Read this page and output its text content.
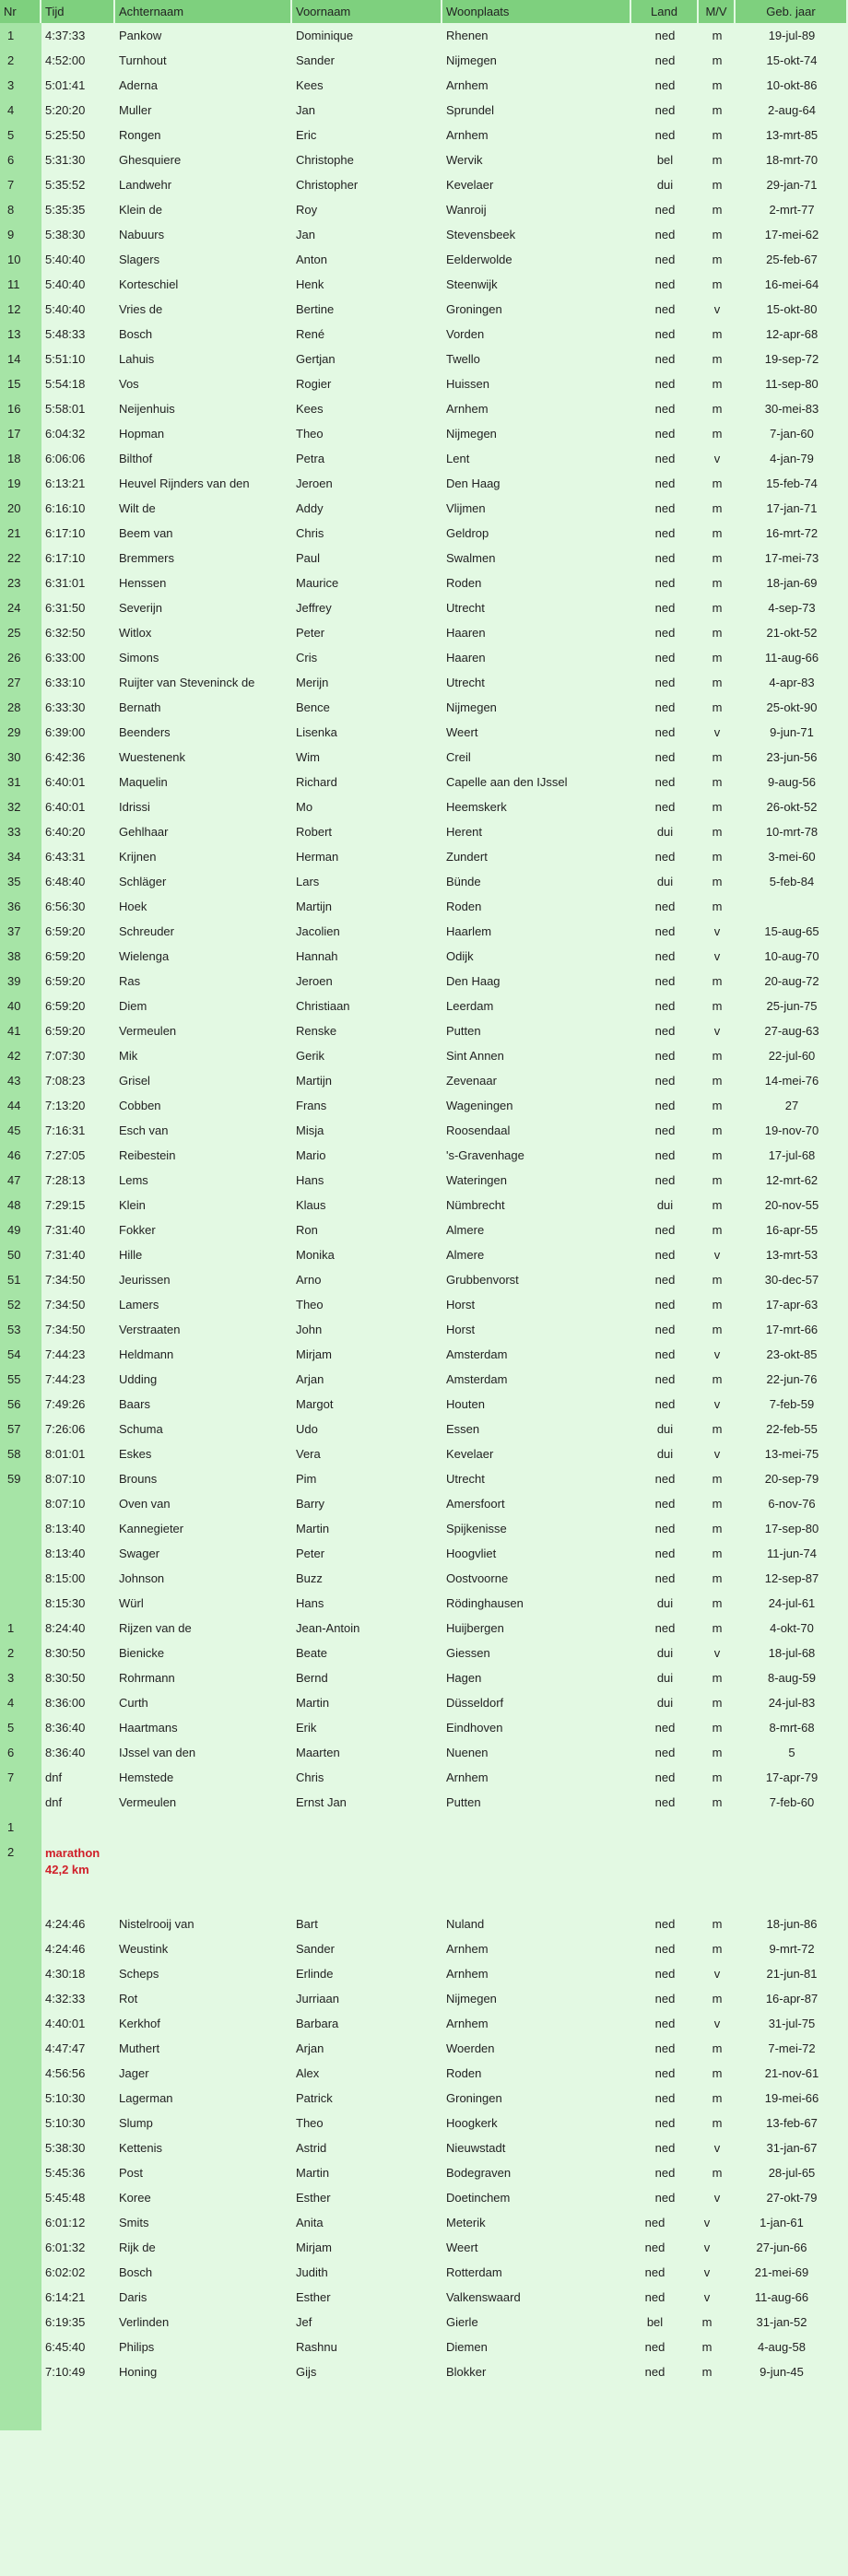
Nr	Tijd	Achternaam	Voornaam	Woonplaats	Land	M/V	Geb. jaar
1	4:37:33	Pankow	Dominique	Rhenen	ned	m	19-jul-89
2	4:52:00	Turnhout	Sander	Nijmegen	ned	m	15-okt-74
3	5:01:41	Aderna	Kees	Arnhem	ned	m	10-okt-86
4	5:20:20	Muller	Jan	Sprundel	ned	m	2-aug-64
5	5:25:50	Rongen	Eric	Arnhem	ned	m	13-mrt-85
6	5:31:30	Ghesquiere	Christophe	Wervik	bel	m	18-mrt-70
7	5:35:52	Landwehr	Christopher	Kevelaer	dui	m	29-jan-71
8	5:35:35	Klein de	Roy	Wanroij	ned	m	2-mrt-77
9	5:38:30	Nabuurs	Jan	Stevensbeek	ned	m	17-mei-62
10	5:40:40	Slagers	Anton	Eelderwolde	ned	m	25-feb-67
11	5:40:40	Korteschiel	Henk	Steenwijk	ned	m	16-mei-64
12	5:40:40	Vries de	Bertine	Groningen	ned	v	15-okt-80
13	5:48:33	Bosch	René	Vorden	ned	m	12-apr-68
14	5:51:10	Lahuis	Gertjan	Twello	ned	m	19-sep-72
15	5:54:18	Vos	Rogier	Huissen	ned	m	11-sep-80
16	5:58:01	Neijenhuis	Kees	Arnhem	ned	m	30-mei-83
17	6:04:32	Hopman	Theo	Nijmegen	ned	m	7-jan-60
18	6:06:06	Bilthof	Petra	Lent	ned	v	4-jan-79
19	6:13:21	Heuvel Rijnders van den	Jeroen	Den Haag	ned	m	15-feb-74
20	6:16:10	Wilt de	Addy	Vlijmen	ned	m	17-jan-71
21	6:17:10	Beem van	Chris	Geldrop	ned	m	16-mrt-72
22	6:17:10	Bremmers	Paul	Swalmen	ned	m	17-mei-73
23	6:31:01	Henssen	Maurice	Roden	ned	m	18-jan-69
24	6:31:50	Severijn	Jeffrey	Utrecht	ned	m	4-sep-73
25	6:32:50	Witlox	Peter	Haaren	ned	m	21-okt-52
26	6:33:00	Simons	Cris	Haaren	ned	m	11-aug-66
27	6:33:10	Ruijter van Steveninck de	Merijn	Utrecht	ned	m	4-apr-83
28	6:33:30	Bernath	Bence	Nijmegen	ned	m	25-okt-90
29	6:39:00	Beenders	Lisenka	Weert	ned	v	9-jun-71
30	6:42:36	Wuestenenk	Wim	Creil	ned	m	23-jun-56
31	6:40:01	Maquelin	Richard	Capelle aan den IJssel	ned	m	9-aug-56
32	6:40:01	Idrissi	Mo	Heemskerk	ned	m	26-okt-52
33	6:40:20	Gehlhaar	Robert	Herent	dui	m	10-mrt-78
34	6:43:31	Krijnen	Herman	Zundert	ned	m	3-mei-60
35	6:48:40	Schläger	Lars	Bünde	dui	m	5-feb-84
36	6:56:30	Hoek	Martijn	Roden	ned	m	
37	6:59:20	Schreuder	Jacolien	Haarlem	ned	v	15-aug-65
38	6:59:20	Wielenga	Hannah	Odijk	ned	v	10-aug-70
39	6:59:20	Ras	Jeroen	Den Haag	ned	m	20-aug-72
40	6:59:20	Diem	Christiaan	Leerdam	ned	m	25-jun-75
41	6:59:20	Vermeulen	Renske	Putten	ned	v	27-aug-63
42	7:07:30	Mik	Gerik	Sint Annen	ned	m	22-jul-60
43	7:08:23	Grisel	Martijn	Zevenaar	ned	m	14-mei-76
44	7:13:20	Cobben	Frans	Wageningen	ned	m	27
45	7:16:31	Esch van	Misja	Roosendaal	ned	m	19-nov-70
46	7:27:05	Reibestein	Mario	's-Gravenhage	ned	m	17-jul-68
47	7:28:13	Lems	Hans	Wateringen	ned	m	12-mrt-62
48	7:29:15	Klein	Klaus	Nümbrecht	dui	m	20-nov-55
49	7:31:40	Fokker	Ron	Almere	ned	m	16-apr-55
50	7:31:40	Hille	Monika	Almere	ned	v	13-mrt-53
51	7:34:50	Jeurissen	Arno	Grubbenvorst	ned	m	30-dec-57
52	7:34:50	Lamers	Theo	Horst	ned	m	17-apr-63
53	7:34:50	Verstraaten	John	Horst	ned	m	17-mrt-66
54	7:44:23	Heldmann	Mirjam	Amsterdam	ned	v	23-okt-85
55	7:44:23	Udding	Arjan	Amsterdam	ned	m	22-jun-76
56	7:49:26	Baars	Margot	Houten	ned	v	7-feb-59
57	7:26:06	Schuma	Udo	Essen	dui	m	22-feb-55
58	8:01:01	Eskes	Vera	Kevelaer	dui	v	13-mei-75
59	8:07:10	Brouns	Pim	Utrecht	ned	m	20-sep-79
	8:07:10	Oven van	Barry	Amersfoort	ned	m	6-nov-76
	8:13:40	Kannegieter	Martin	Spijkenisse	ned	m	17-sep-80
	8:13:40	Swager	Peter	Hoogvliet	ned	m	11-jun-74
	8:15:00	Johnson	Buzz	Oostvoorne	ned	m	12-sep-87
	8:15:30	Würl	Hans	Rödinghausen	dui	m	24-jul-61
1	8:24:40	Rijzen van de	Jean-Antoin	Huijbergen	ned	m	4-okt-70
2	8:30:50	Bienicke	Beate	Giessen	dui	v	18-jul-68
3	8:30:50	Rohrmann	Bernd	Hagen	dui	m	8-aug-59
4	8:36:00	Curth	Martin	Düsseldorf	dui	m	24-jul-83
5	8:36:40	Haartmans	Erik	Eindhoven	ned	m	8-mrt-68
6	8:36:40	IJssel van den	Maarten	Nuenen	ned	m	5
7	dnf	Hemstede	Chris	Arnhem	ned	m	17-apr-79
	dnf	Vermeulen	Ernst Jan	Putten	ned	m	7-feb-60
1							
2	marathon 42,2 km						
	4:24:46	Nistelrooij van	Bart	Nuland	ned	m	18-jun-86
	4:24:46	Weustink	Sander	Arnhem	ned	m	9-mrt-72
	4:30:18	Scheps	Erlinde	Arnhem	ned	v	21-jun-81
	4:32:33	Rot	Jurriaan	Nijmegen	ned	m	16-apr-87
	4:40:01	Kerkhof	Barbara	Arnhem	ned	v	31-jul-75
	4:47:47	Muthert	Arjan	Woerden	ned	m	7-mei-72
	4:56:56	Jager	Alex	Roden	ned	m	21-nov-61
	5:10:30	Lagerman	Patrick	Groningen	ned	m	19-mei-66
	5:10:30	Slump	Theo	Hoogkerk	ned	m	13-feb-67
	5:38:30	Kettenis	Astrid	Nieuwstadt	ned	v	31-jan-67
	5:45:36	Post	Martin	Bodegraven	ned	m	28-jul-65
	5:45:48	Koree	Esther	Doetinchem	ned	v	27-okt-79
	6:01:12	Smits	Anita	Meterik	ned	v	1-jan-61
	6:01:32	Rijk de	Mirjam	Weert	ned	v	27-jun-66
	6:02:02	Bosch	Judith	Rotterdam	ned	v	21-mei-69
	6:14:21	Daris	Esther	Valkenswaard	ned	v	11-aug-66
	6:19:35	Verlinden	Jef	Gierle	bel	m	31-jan-52
	6:45:40	Philips	Rashnu	Diemen	ned	m	4-aug-58
	7:10:49	Honing	Gijs	Blokker	ned	m	9-jun-45
